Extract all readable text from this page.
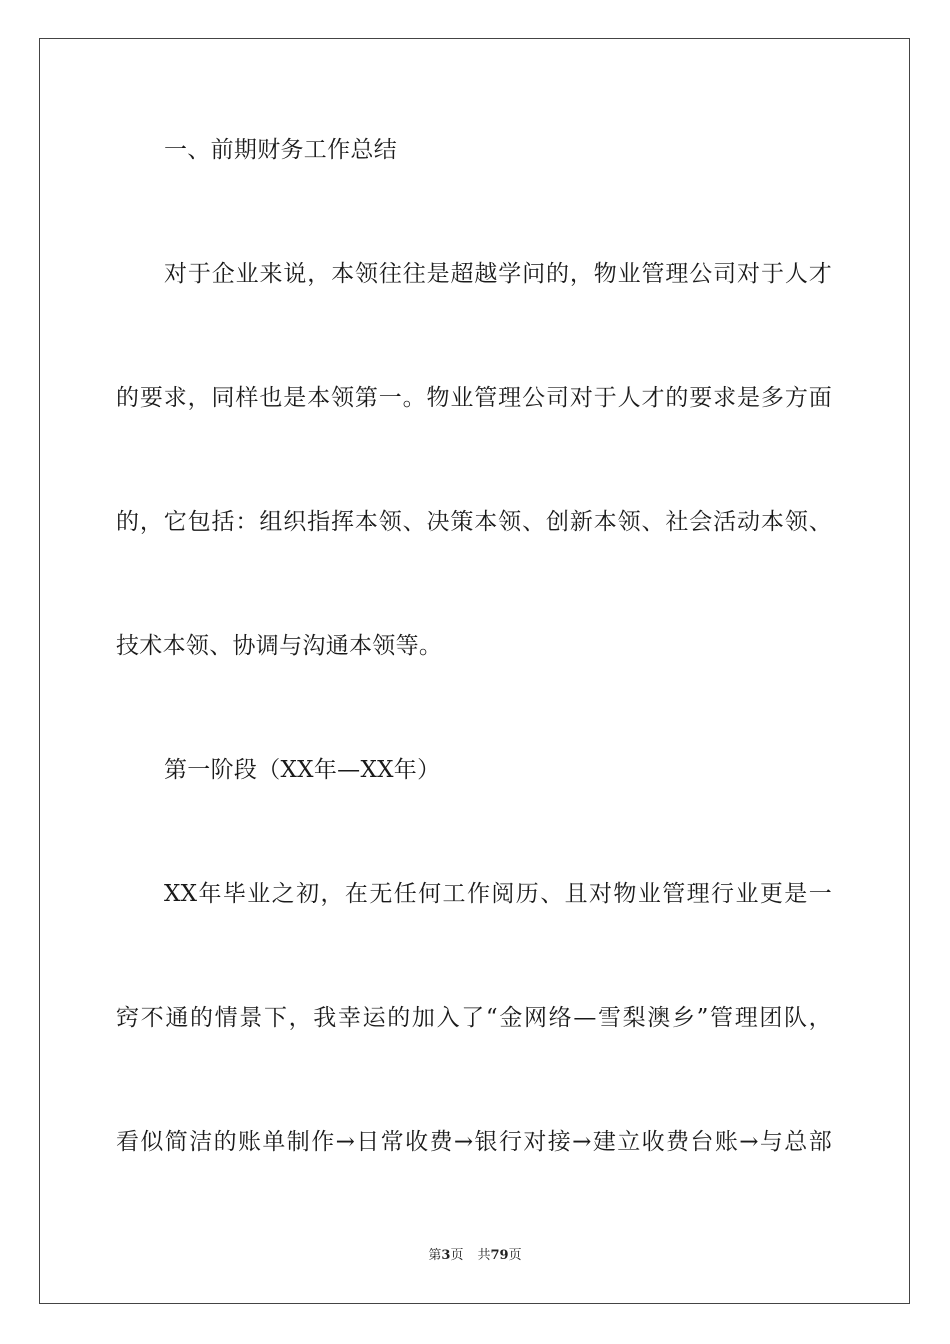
一、前期财务工作总结
对于企业来说，本领往往是超越学问的，物业管理公司对于人才
的要求，同样也是本领第一。物业管理公司对于人才的要求是多方面
的，它包括：组织指挥本领、决策本领、创新本领、社会活动本领、
技术本领、协调与沟通本领等。
第一阶段（XX年—XX年）
XX年毕业之初，在无任何工作阅历、且对物业管理行业更是一
窍不通的情景下，我幸运的加入了“金网络—雪梨澳乡”管理团队，
看似简洁的账单制作→日常收费→银行对接→建立收费台账→与总部
第3页 共79页
